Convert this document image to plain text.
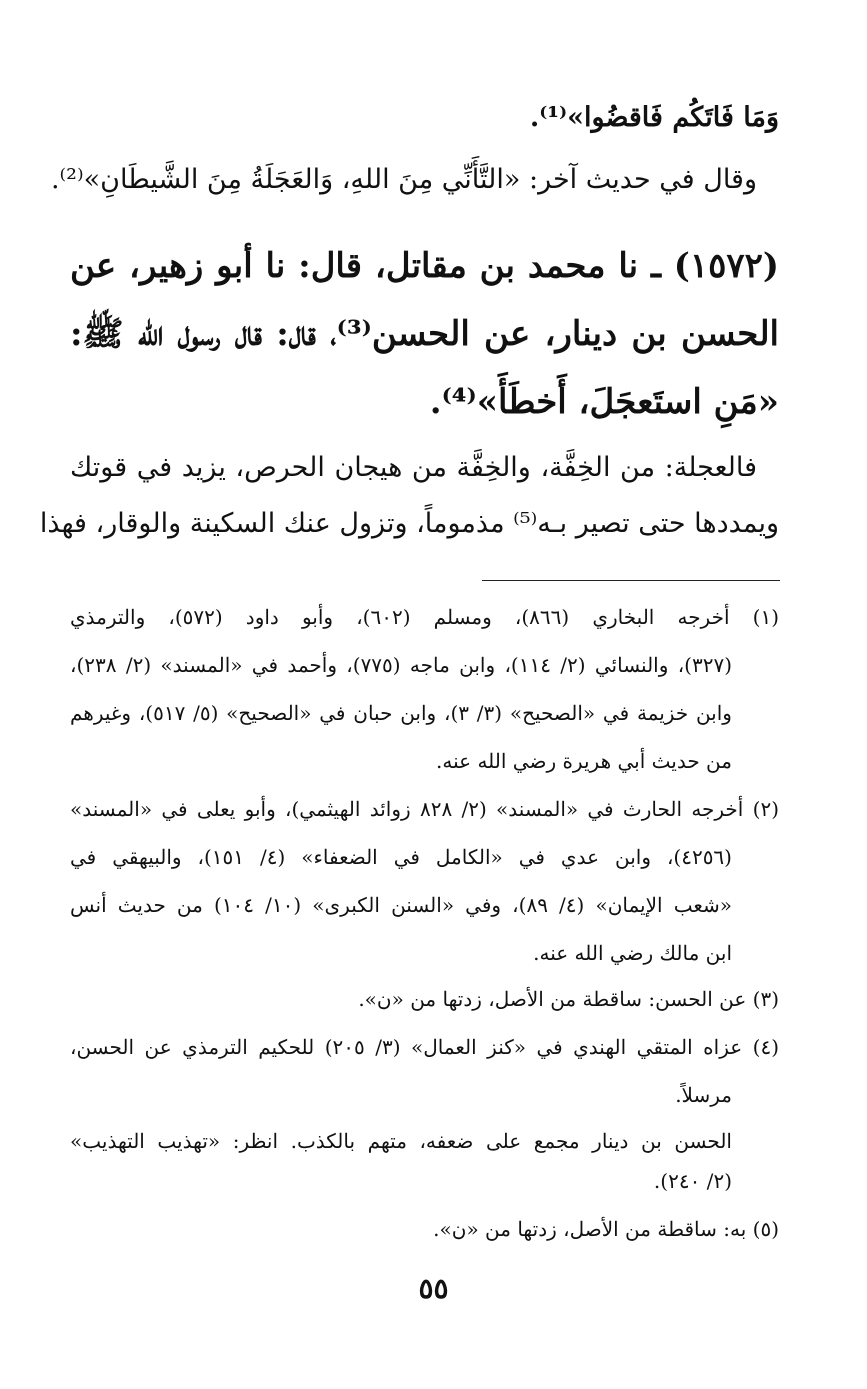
وَمَا فَاتَكُم فَاقضُوا»⁽¹⁾.
وقال في حديث آخر: «التَّأَنِّي مِنَ اللهِ، وَالعَجَلَةُ مِنَ الشَّيطَانِ»⁽²⁾.
(١٥٧٢) ـ نا محمد بن مقاتل، قال: نا أبو زهير، عن
الحسن بن دينار، عن الحسن⁽³⁾، قال: قال رسول الله ﷺ:
«مَنِ استَعجَلَ، أَخطَأَ»⁽⁴⁾.
فالعجلة: من الخِفَّة، والخِفَّة من هيجان الحرص، يزيد في قوتك
ويمددها حتى تصير بـه⁽⁵⁾ مذموماً، وتزول عنك السكينة والوقار، فهذا
(١) أخرجه البخاري (٨٦٦)، ومسلم (٦٠٢)، وأبو داود (٥٧٢)، والترمذي
(٣٢٧)، والنسائي (٢/ ١١٤)، وابن ماجه (٧٧٥)، وأحمد في «المسند» (٢/ ٢٣٨)،
وابن خزيمة في «الصحيح» (٣/ ٣)، وابن حبان في «الصحيح» (٥/ ٥١٧)، وغيرهم
من حديث أبي هريرة رضي الله عنه.
(٢) أخرجه الحارث في «المسند» (٢/ ٨٢٨ زوائد الهيثمي)، وأبو يعلى في «المسند»
(٤٢٥٦)، وابن عدي في «الكامل في الضعفاء» (٤/ ١٥١)، والبيهقي في
«شعب الإيمان» (٤/ ٨٩)، وفي «السنن الكبرى» (١٠/ ١٠٤) من حديث أنس
ابن مالك رضي الله عنه.
(٣) عن الحسن: ساقطة من الأصل، زدتها من «ن».
(٤) عزاه المتقي الهندي في «كنز العمال» (٣/ ٢٠٥) للحكيم الترمذي عن الحسن،
مرسلاً.
الحسن بن دينار مجمع على ضعفه، متهم بالكذب. انظر: «تهذيب التهذيب»
(٢/ ٢٤٠).
(٥) به: ساقطة من الأصل، زدتها من «ن».
٥٥
